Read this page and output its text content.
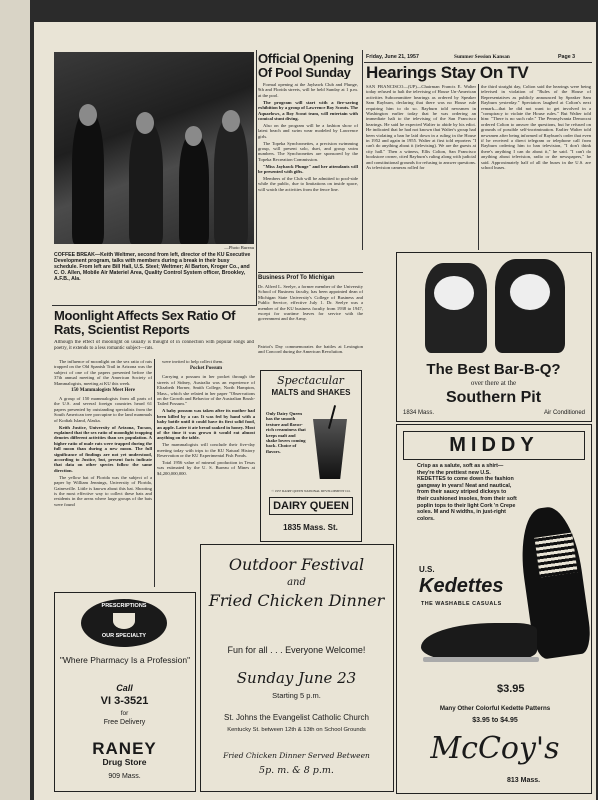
—Photo Bureau
COFFEE BREAK—Keith Weltmer, second from left, director of the KU Executive Development program, talks with members during a break in their busy schedule. From left are Bill Hall, U.S. Steel; Weltmer; Al Barton, Kroger Co., and C. O. Allen, Mobile Air Materiel Area, Quality Control System officer, Brookley, A.F.B., Ala.
Official Opening Of Pool Sunday

Formal opening at the Jayhawk Club and Plunge, 9th and Florida streets, will be held Sunday at 1 p.m. at the pool.

The program will start with a fire-saving exhibition by a group of Lawrence Boy Scouts. The Aquaelows, a Boy Scout team, will entertain with comical stunt diving.

Also on the program will be a fashion show of latest beach and swim wear modeled by Lawrence girls.

The Topeka Synchronettes, a precision swimming group, will present solo, duet, and group swim numbers. The Synchronettes are sponsored by the Topeka Recreation Commission.

"Miss Jayhawk Plunge" and her attendants will be presented with gifts.

Members of the Club will be admitted to pool-side while the public, due to limitations on inside space, will watch the activities from the fence line.

Friday, June 21, 1957	Summer Session Kansan	Page 3
Hearings Stay On TV
SAN FRANCISCO—(UP)—Chairman Francis E. Walter today refused to halt the televising of House Un-American activities Subcommittee hearings as ordered by Speaker Sam Rayburn, declaring that there was no House rule requiring him to do so. Rayburn told newsmen in Washington earlier today that he was ordering an immediate halt to the televising of the San Francisco hearings. He said he expected Walter to abide by his edict. He indicated that he had not known that Walter's group had been violating a ban he laid down in a ruling in the House in 1952 and again in 1955. Walter at first told reporters "I can't do anything about it (televising). We are the guests at city hall." Then a witness, Ellis Colton, San Francisco bookstore owner, cited Rayburn's ruling along with judicial and constitutional grounds for refusing to answer questions. As television cameras rolled for
the third straight day, Colton said the hearings were being televised in violation of "Rules of the House of Representatives as publicly announced by Speaker Sam Rayburn yesterday." Spectators laughed at Colton's next remark—that he did not want to get involved in a "conspiracy to violate the House rules." But Walter told him: "There is no such rule." The Pennsylvania Democrat ordered Colton to answer the questions, but he refused on grounds of possible self-incrimination. Earlier Walter told newsmen after being informed of Rayburn's order that even if he received a direct telegram or telephone call from Rayburn ordering him to ban television, "I don't think there's anything I can do about it," he said. "I can't do anything about television, radio or the newspapers," he said. Approximately half of all the buses in the U.S. are school buses.
Business Prof To Michigan
Dr. Alfred L. Seelye, a former member of the University School of Business faculty, has been appointed dean of Michigan State University's College of Business and Public Service, effective July 1. Dr. Seelye was a member of the KU business faculty from 1938 to 1947, except for wartime leaves for service with the government and the Army.
Patriot's Day commemorates the battles at Lexington and Concord during the American Revolution.
The Best Bar-B-Q?
over there at the
Southern Pit
1834 Mass.	Air Conditioned
Moonlight Affects Sex Ratio Of Rats, Scientist Reports
Although the effect of moonlight on usually is thought of in connection with popular songs and poetry, it extends to a less romantic subject—rats.

The influence of moonlight on the sex ratio of rats trapped on the Old Spanish Trail in Arizona was the subject of one of the papers presented before the 37th annual meeting of the American Society of Mammalogists, meeting at KU this week.

150 Mammalogists Meet Here

A group of 150 mammalogists from all parts of the U.S. and several foreign countries heard 61 papers presented by outstanding specialists from the South American tree porcupine to the land mammals of Kodiak Island, Alaska.

Keith Justice, University of Arizona, Tucson, explained that the sex ratio of moonlight trapping denotes different activities than sex population. A higher ratio of male rats were trapped during the full moon than during a new moon. The full significance of findings are not yet understood, according to Justice, but, present facts indicate that data on other species follow the same direction.

The yellow bat of Florida was the subject of a paper by William Jennings, University of Florida, Gainesville. Little is known about this bat. Shooting is the most effective way to collect these bats and residents in the areas where large groups of the bats were found

were invited to help collect them.

Pocket Possum

Carrying a possum in her pocket through the streets of Sidney, Australia was an experience of Elizabeth Horner, Smith College, North Hampton, Mass., which she related in her paper "Observations on the Growth and Behavior of the Australian Brush-Tailed Possum."

A baby possum was taken after its mother had been killed by a car. It was fed by hand with a baby bottle until it could have its first solid food, an apple. Later it ate bread soaked in honey. Most of the time it was grown it would eat almost anything on the table.

The mammalogists will conclude their five-day meeting today with trips to the KU Natural History Reservation or the KU Experimental Fish Ponds.

Total 1956 value of mineral production in Texas was estimated by the U. S. Bureau of Mines at $4,200,000,000.

Spectacular
MALTS and SHAKES
Only Dairy Queen has the smooth texture and flavor-rich creaminess that keeps malt and shake lovers coming back. Choice of flavors.
© 1957 DAIRY QUEEN NATIONAL DEVELOPMENT CO.
DAIRY QUEEN
1835 Mass. St.
MIDDY
Crisp as a salute, soft as a shirt—they're the prettiest new U.S. KEDETTES to come down the fashion gangway in years! Neat and nautical, from their saucy striped dickeys to their cushioned insoles, from their soft poplin tops to their light Cork 'n Crepe soles. M and N widths, in just-right colors.
U.S.
Kedettes
THE WASHABLE CASUALS
$3.95
Many Other Colorful Kedette Patterns
$3.95 to $4.95
McCoy's
813 Mass.
Outdoor Festival
and
Fried Chicken Dinner
Fun for all . . . Everyone Welcome!
Sunday June 23
Starting 5 p.m.
St. Johns the Evangelist Catholic Church
Kentucky St. between 12th & 13th on School Grounds
Fried Chicken Dinner Served Between
5p. m. & 8 p.m.
PRESCRIPTIONS
OUR SPECIALTY
"Where Pharmacy Is a Profession"
Call
VI 3-3521
for
Free Delivery
RANEY
Drug Store
909 Mass.
